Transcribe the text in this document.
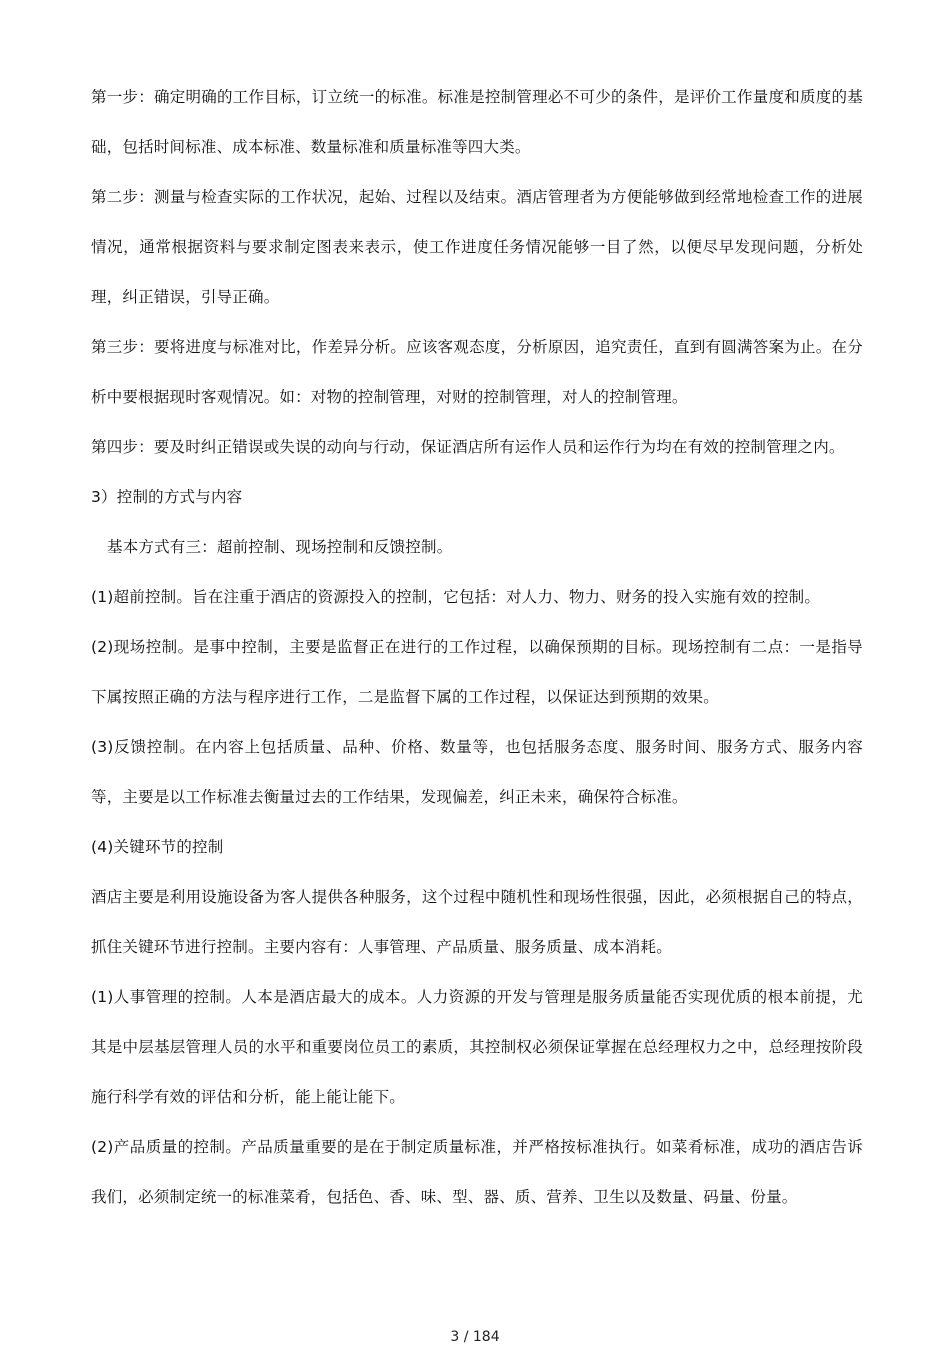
第一步：确定明确的工作目标，订立统一的标准。标准是控制管理必不可少的条件，是评价工作量度和质度的基础，包括时间标准、成本标准、数量标准和质量标准等四大类。

第二步：测量与检查实际的工作状况，起始、过程以及结束。酒店管理者为方便能够做到经常地检查工作的进展情况，通常根据资料与要求制定图表来表示，使工作进度任务情况能够一目了然，以便尽早发现问题，分析处理，纠正错误，引导正确。

第三步：要将进度与标准对比，作差异分析。应该客观态度，分析原因，追究责任，直到有圆满答案为止。在分析中要根据现时客观情况。如：对物的控制管理，对财的控制管理，对人的控制管理。

第四步：要及时纠正错误或失误的动向与行动，保证酒店所有运作人员和运作行为均在有效的控制管理之内。

3）控制的方式与内容

基本方式有三：超前控制、现场控制和反馈控制。

(1)超前控制。旨在注重于酒店的资源投入的控制，它包括：对人力、物力、财务的投入实施有效的控制。

(2)现场控制。是事中控制，主要是监督正在进行的工作过程，以确保预期的目标。现场控制有二点：一是指导下属按照正确的方法与程序进行工作，二是监督下属的工作过程，以保证达到预期的效果。

(3)反馈控制。在内容上包括质量、品种、价格、数量等，也包括服务态度、服务时间、服务方式、服务内容等，主要是以工作标准去衡量过去的工作结果，发现偏差，纠正未来，确保符合标准。

(4)关键环节的控制

酒店主要是利用设施设备为客人提供各种服务，这个过程中随机性和现场性很强，因此，必须根据自己的特点，抓住关键环节进行控制。主要内容有：人事管理、产品质量、服务质量、成本消耗。

(1)人事管理的控制。人本是酒店最大的成本。人力资源的开发与管理是服务质量能否实现优质的根本前提，尤其是中层基层管理人员的水平和重要岗位员工的素质，其控制权必须保证掌握在总经理权力之中，总经理按阶段施行科学有效的评估和分析，能上能让能下。

(2)产品质量的控制。产品质量重要的是在于制定质量标准，并严格按标准执行。如菜肴标准，成功的酒店告诉我们，必须制定统一的标准菜肴，包括色、香、味、型、器、质、营养、卫生以及数量、码量、份量。

3 / 184
